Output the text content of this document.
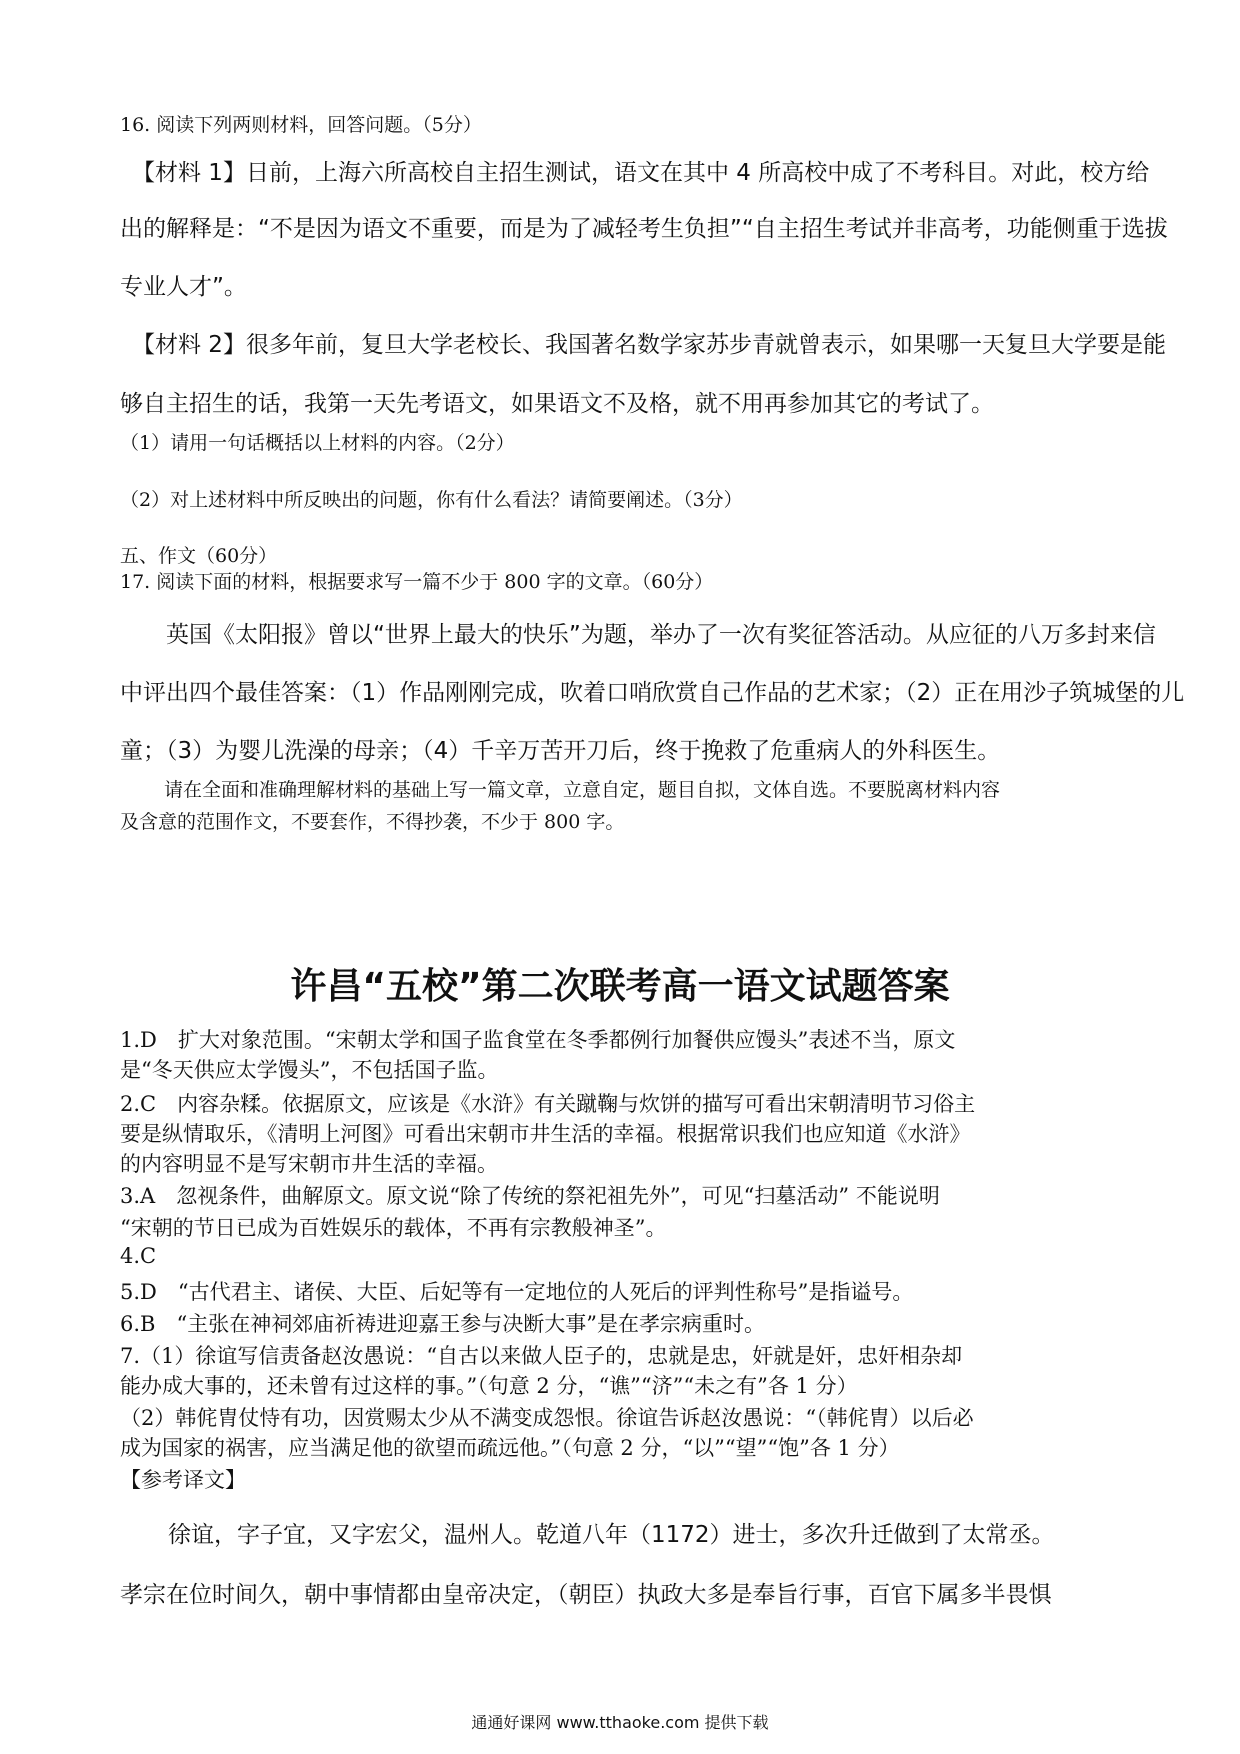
16. 阅读下列两则材料，回答问题。（5分）
【材料 1】日前，上海六所高校自主招生测试，语文在其中 4 所高校中成了不考科目。对此，校方给
出的解释是：“不是因为语文不重要，而是为了减轻考生负担”“自主招生考试并非高考，功能侧重于选拔
专业人才”。
【材料 2】很多年前，复旦大学老校长、我国著名数学家苏步青就曾表示，如果哪一天复旦大学要是能
够自主招生的话，我第一天先考语文，如果语文不及格，就不用再参加其它的考试了。
（1）请用一句话概括以上材料的内容。（2分）
（2）对上述材料中所反映出的问题，你有什么看法？请简要阐述。（3分）
五、作文（60分）
17. 阅读下面的材料，根据要求写一篇不少于 800 字的文章。（60分）
英国《太阳报》曾以“世界上最大的快乐”为题，举办了一次有奖征答活动。从应征的八万多封来信
中评出四个最佳答案：（1）作品刚刚完成，吹着口哨欣赏自己作品的艺术家；（2）正在用沙子筑城堡的儿
童；（3）为婴儿洗澡的母亲；（4）千辛万苦开刀后，终于挽救了危重病人的外科医生。
请在全面和准确理解材料的基础上写一篇文章，立意自定，题目自拟，文体自选。不要脱离材料内容
及含意的范围作文，不要套作，不得抄袭，不少于 800 字。
许昌“五校”第二次联考高一语文试题答案
1.D　扩大对象范围。“宋朝太学和国子监食堂在冬季都例行加餐供应馒头”表述不当，原文
是“冬天供应太学馒头”，不包括国子监。
2.C　内容杂糅。依据原文，应该是《水浒》有关蹴鞠与炊饼的描写可看出宋朝清明节习俗主
要是纵情取乐，《清明上河图》可看出宋朝市井生活的幸福。根据常识我们也应知道《水浒》
的内容明显不是写宋朝市井生活的幸福。
3.A　忽视条件，曲解原文。原文说“除了传统的祭祀祖先外”，可见“扫墓活动” 不能说明
“宋朝的节日已成为百姓娱乐的载体，不再有宗教般神圣”。
4.C
5.D　“古代君主、诸侯、大臣、后妃等有一定地位的人死后的评判性称号”是指谥号。
6.B　“主张在神祠郊庙祈祷进迎嘉王参与决断大事”是在孝宗病重时。
7.（1）徐谊写信责备赵汝愚说：“自古以来做人臣子的，忠就是忠，奸就是奸，忠奸相杂却
能办成大事的，还未曾有过这样的事。”（句意 2 分，“谯”“济”“未之有”各 1 分）
（2）韩侂胄仗恃有功，因赏赐太少从不满变成怨恨。徐谊告诉赵汝愚说：“（韩侂胄）以后必
成为国家的祸害，应当满足他的欲望而疏远他。”（句意 2 分，“以”“望”“饱”各 1 分）
【参考译文】
徐谊，字子宜，又字宏父，温州人。乾道八年（1172）进士，多次升迁做到了太常丞。
孝宗在位时间久，朝中事情都由皇帝决定，（朝臣）执政大多是奉旨行事，百官下属多半畏惧
通通好课网 www.tthaoke.com 提供下载
